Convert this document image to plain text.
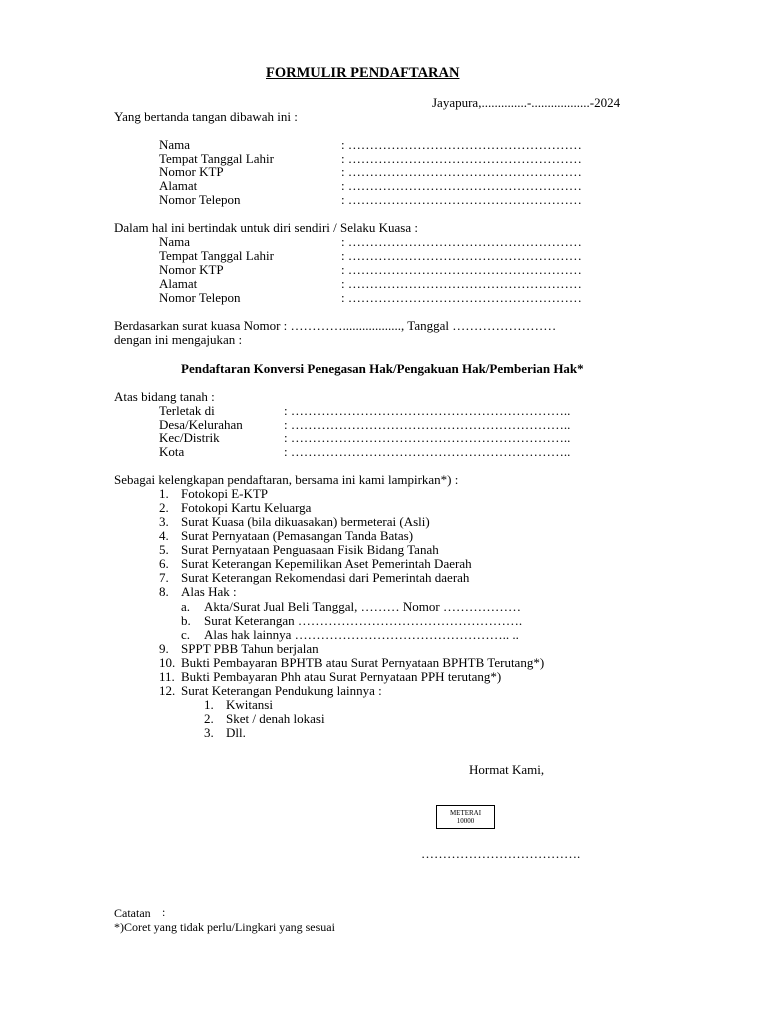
FORMULIR PENDAFTARAN
Jayapura,..............-..................-2024
Yang bertanda tangan dibawah ini :
Nama	: ………………………………………………
Tempat Tanggal Lahir	: ………………………………………………
Nomor KTP	: ………………………………………………
Alamat	: ………………………………………………
Nomor Telepon	: ………………………………………………
Dalam hal ini bertindak untuk diri sendiri / Selaku Kuasa :
Nama	: ………………………………………………
Tempat Tanggal Lahir	: ………………………………………………
Nomor KTP	: ………………………………………………
Alamat	: ………………………………………………
Nomor Telepon	: ………………………………………………
Berdasarkan surat kuasa Nomor : ………….................., Tanggal ……………………
dengan ini mengajukan :
Pendaftaran Konversi Penegasan Hak/Pengakuan Hak/Pemberian Hak*
Atas bidang tanah :
Terletak di	: ………………………………………………………..
Desa/Kelurahan	: ………………………………………………………..
Kec/Distrik	: ………………………………………………………..
Kota	: ………………………………………………………..
Sebagai kelengkapan pendaftaran, bersama ini kami lampirkan*) :
1. Fotokopi E-KTP
2. Fotokopi Kartu Keluarga
3. Surat Kuasa (bila dikuasakan) bermeterai (Asli)
4. Surat Pernyataan (Pemasangan Tanda Batas)
5. Surat Pernyataan Penguasaan Fisik Bidang Tanah
6. Surat Keterangan Kepemilikan Aset Pemerintah Daerah
7. Surat Keterangan Rekomendasi dari Pemerintah daerah
8. Alas Hak :
a. Akta/Surat Jual Beli Tanggal, ……… Nomor ………………
b. Surat Keterangan …………………………………………….
c. Alas hak lainnya ………………………………………….. ..
9. SPPT PBB Tahun berjalan
10. Bukti Pembayaran BPHTB atau Surat Pernyataan BPHTB Terutang*)
11. Bukti Pembayaran Phh atau Surat Pernyataan PPH terutang*)
12. Surat Keterangan Pendukung lainnya :
1. Kwitansi
2. Sket / denah lokasi
3. Dll.
Hormat Kami,
METERAI
10000
……………………………….
Catatan :
*)Coret yang tidak perlu/Lingkari yang sesuai
